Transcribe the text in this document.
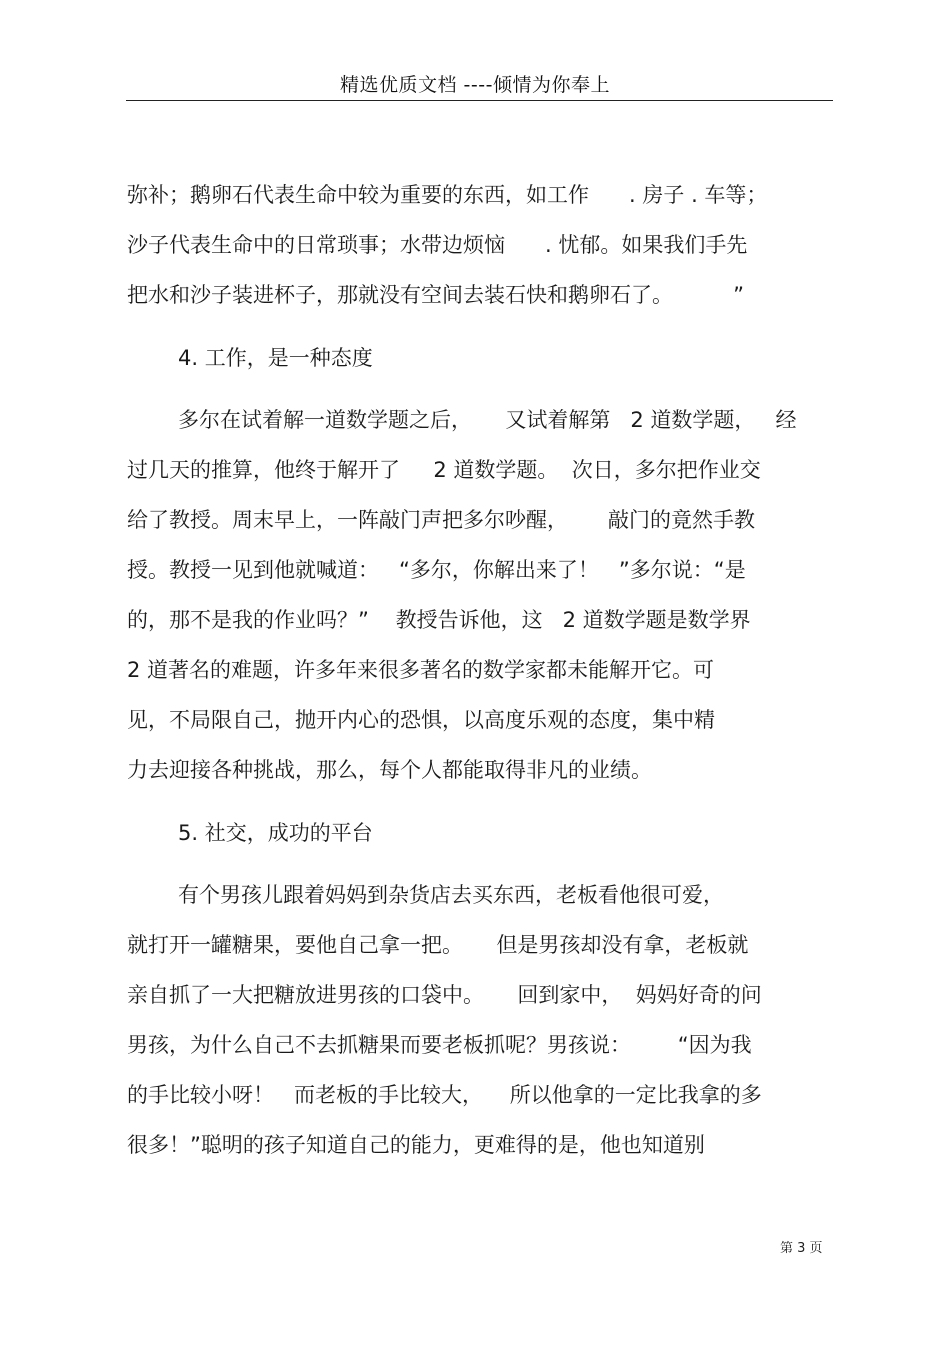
精选优质文档 ----倾情为你奉上
弥补；鹅卵石代表生命中较为重要的东西，如工作      . 房子 . 车等；
沙子代表生命中的日常琐事；水带边烦恼      . 忧郁。如果我们手先
把水和沙子装进杯子，那就没有空间去装石快和鹅卵石了。         ”
4. 工作，是一种态度
多尔在试着解一道数学题之后，     又试着解第   2 道数学题，   经
过几天的推算，他终于解开了     2 道数学题。  次日，多尔把作业交
给了教授。周末早上，一阵敲门声把多尔吵醒，      敲门的竟然手教
授。教授一见到他就喊道：   “多尔，你解出来了！   ”多尔说：“是
的，那不是我的作业吗？”    教授告诉他，这   2 道数学题是数学界
2 道著名的难题，许多年来很多著名的数学家都未能解开它。可
见，不局限自己，抛开内心的恐惧，以高度乐观的态度，集中精
力去迎接各种挑战，那么，每个人都能取得非凡的业绩。
5. 社交，成功的平台
有个男孩儿跟着妈妈到杂货店去买东西，老板看他很可爱，
就打开一罐糖果，要他自己拿一把。     但是男孩却没有拿，老板就
亲自抓了一大把糖放进男孩的口袋中。     回到家中，  妈妈好奇的问
男孩，为什么自己不去抓糖果而要老板抓呢？男孩说：       “因为我
的手比较小呀！   而老板的手比较大，    所以他拿的一定比我拿的多
很多！”聪明的孩子知道自己的能力，更难得的是，他也知道别
第 3 页
